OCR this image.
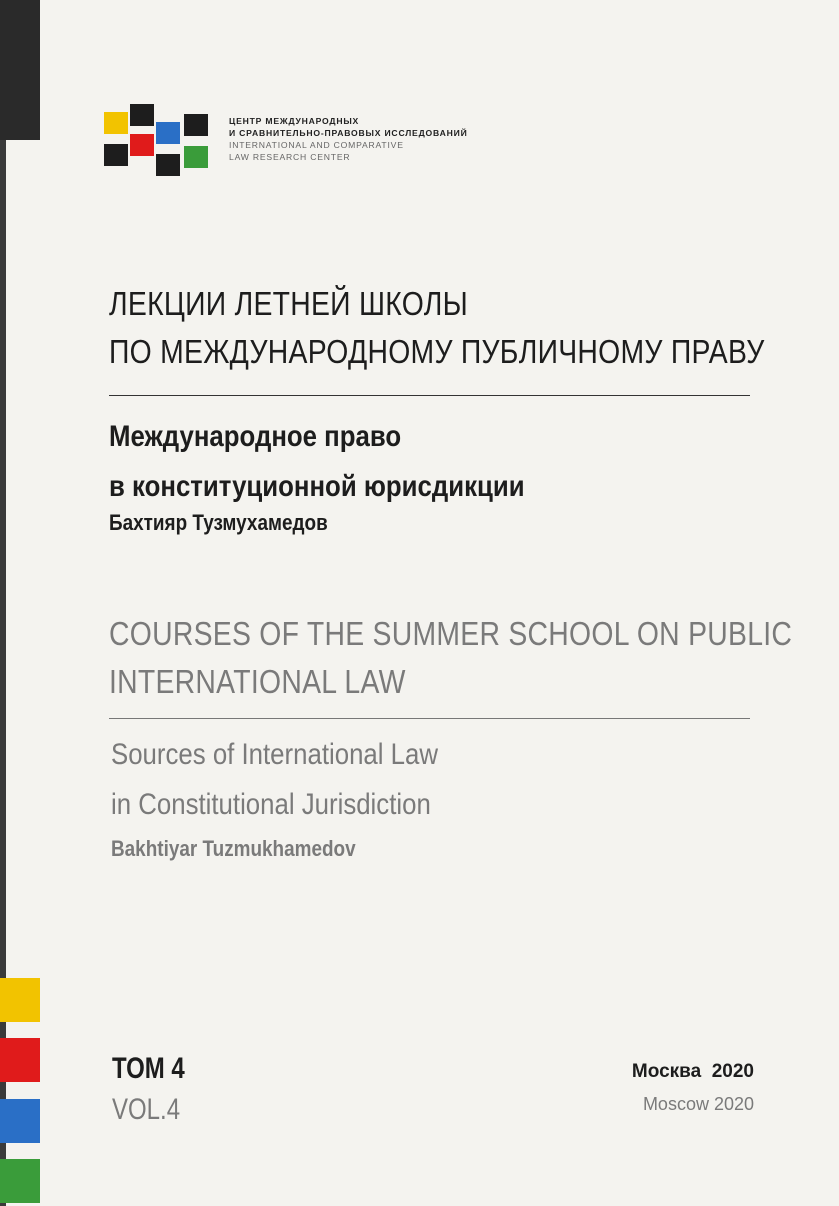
ЦЕНТР МЕЖДУНАРОДНЫХ
И СРАВНИТЕЛЬНО-ПРАВОВЫХ ИССЛЕДОВАНИЙ
INTERNATIONAL AND COMPARATIVE
LAW RESEARCH CENTER
ЛЕКЦИИ ЛЕТНЕЙ ШКОЛЫ
ПО МЕЖДУНАРОДНОМУ ПУБЛИЧНОМУ ПРАВУ
Международное право
в конституционной юрисдикции
Бахтияр Тузмухамедов
COURSES OF THE SUMMER SCHOOL ON PUBLIC
INTERNATIONAL LAW
Sources of International Law
in Constitutional Jurisdiction
Bakhtiyar Tuzmukhamedov
ТОМ 4
VOL.4
Москва  2020
Moscow 2020
